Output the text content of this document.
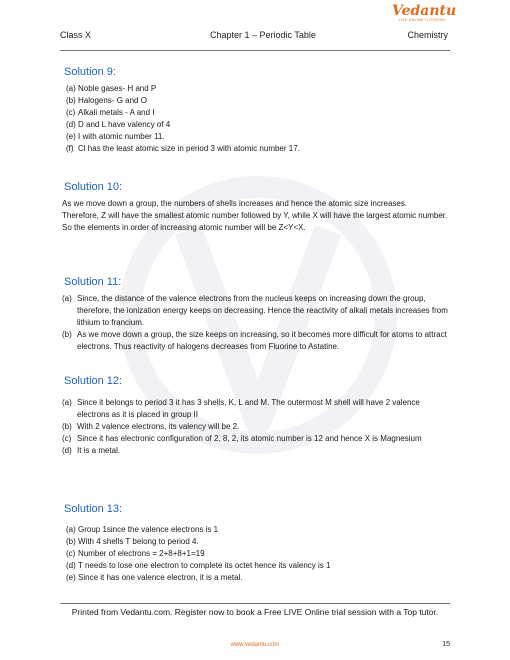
Vedantu
LIVE ONLINE TUTORING
Class X	Chapter 1 – Periodic Table	Chemistry
Solution 9:
(a) Noble gases- H and P
(b) Halogens- G and O
(c) Alkali metals - A and I
(d) D and L have valency of 4
(e) I with atomic number 11.
(f) Cl has the least atomic size in period 3 with atomic number 17.
Solution 10:

As we move down a group, the numbers of shells increases and hence the atomic size increases.

Therefore, Z will have the smallest atomic number followed by Y, while X will have the largest atomic number.

So the elements in order of increasing atomic number will be Z<Y<X.

Solution 11:
(a) Since, the distance of the valence electrons from the nucleus keeps on increasing down the group, therefore, the ionization energy keeps on decreasing. Hence the reactivity of alkali metals increases from lithium to francium.
(b) As we move down a group, the size keeps on increasing, so it becomes more difficult for atoms to attract electrons. Thus reactivity of halogens decreases from Fluorine to Astatine.
Solution 12:
(a) Since it belongs to period 3 it has 3 shells, K, L and M. The outermost M shell will have 2 valence electrons as it is placed in group II
(b) With 2 valence electrons, its valency will be 2.
(c) Since it has electronic configuration of 2, 8, 2, its atomic number is 12 and hence X is Magnesium
(d) It is a metal.
Solution 13:
(a) Group 1since the valence electrons is 1
(b) With 4 shells T belong to period 4.
(c) Number of electrons = 2+8+8+1=19
(d) T needs to lose one electron to complete its octet hence its valency is 1
(e) Since it has one valence electron, it is a metal.
Printed from Vedantu.com. Register now to book a Free LIVE Online trial session with a Top tutor.
www.vedantu.com	15
